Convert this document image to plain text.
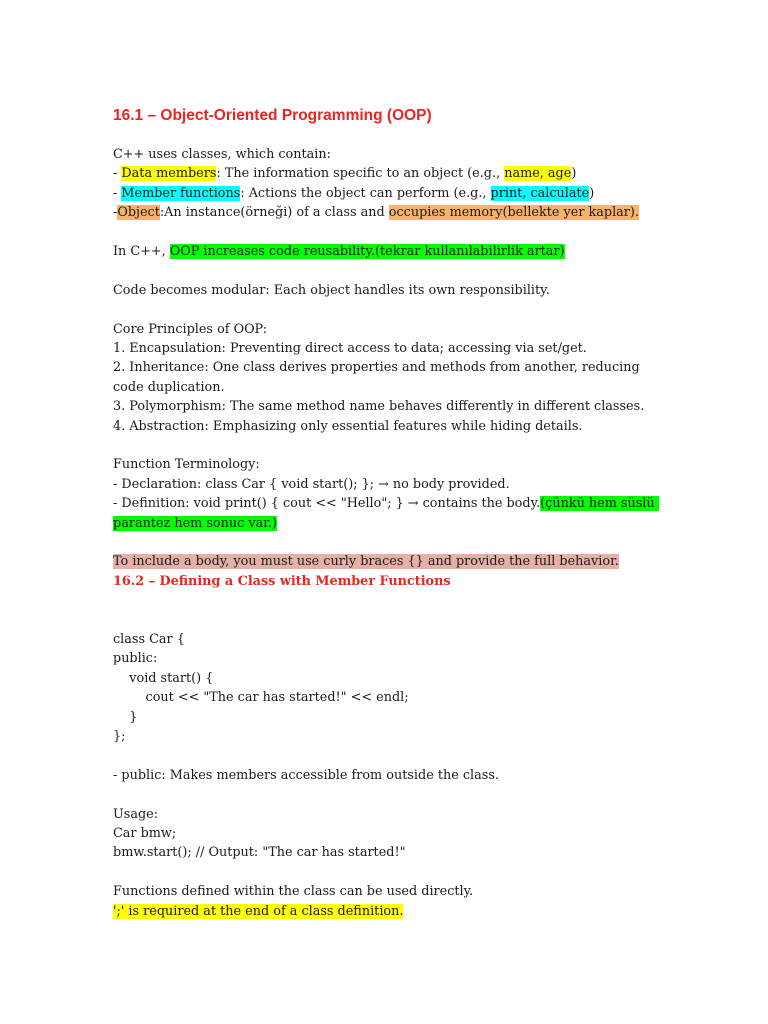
16.1 – Object-Oriented Programming (OOP)
C++ uses classes, which contain:
- Data members: The information specific to an object (e.g., name, age)
- Member functions: Actions the object can perform (e.g., print, calculate)
-Object:An instance(örneği) of a class and occupies memory(bellekte yer kaplar).
In C++, OOP increases code reusability.(tekrar kullanılabilirlik artar)
Code becomes modular: Each object handles its own responsibility.
Core Principles of OOP:
1. Encapsulation: Preventing direct access to data; accessing via set/get.
2. Inheritance: One class derives properties and methods from another, reducing code duplication.
3. Polymorphism: The same method name behaves differently in different classes.
4. Abstraction: Emphasizing only essential features while hiding details.
Function Terminology:
- Declaration: class Car { void start(); }; → no body provided.
- Definition: void print() { cout << "Hello"; } → contains the body.(çünkü hem süslü parantez hem sonuc var.)
To include a body, you must use curly braces {} and provide the full behavior.
16.2 – Defining a Class with Member Functions
class Car {
public:
void start() {
cout << "The car has started!" << endl;
}
};
- public: Makes members accessible from outside the class.
Usage:
Car bmw;
bmw.start(); // Output: "The car has started!"
Functions defined within the class can be used directly.
';' is required at the end of a class definition.
